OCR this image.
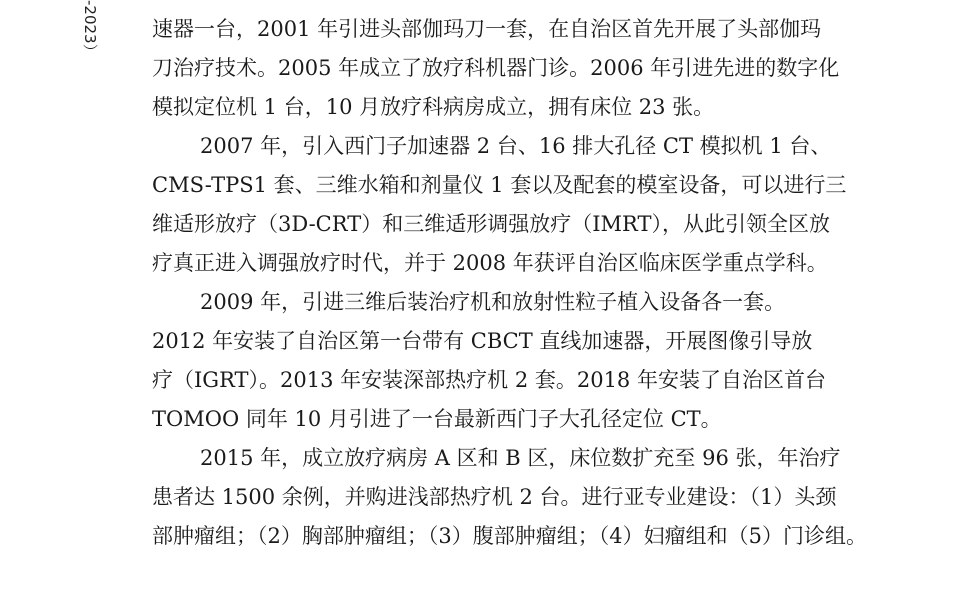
-2023）	速器一台，2001 年引进头部伽玛刀一套，在自治区首先开展了头部伽玛
刀治疗技术。2005 年成立了放疗科机器门诊。2006 年引进先进的数字化
模拟定位机 1 台，10 月放疗科病房成立，拥有床位 23 张。
2007 年，引入西门子加速器 2 台、16 排大孔径 CT 模拟机 1 台、
CMS-TPS1 套、三维水箱和剂量仪 1 套以及配套的模室设备，可以进行三
维适形放疗（3D-CRT）和三维适形调强放疗（IMRT），从此引领全区放
疗真正进入调强放疗时代，并于 2008 年获评自治区临床医学重点学科。
2009 年，引进三维后装治疗机和放射性粒子植入设备各一套。
2012 年安装了自治区第一台带有 CBCT 直线加速器，开展图像引导放
疗（IGRT）。2013 年安装深部热疗机 2 套。2018 年安装了自治区首台
TOMOO 同年 10 月引进了一台最新西门子大孔径定位 CT。
2015 年，成立放疗病房 A 区和 B 区，床位数扩充至 96 张，年治疗
患者达 1500 余例，并购进浅部热疗机 2 台。进行亚专业建设：（1）头颈
部肿瘤组；（2）胸部肿瘤组；（3）腹部肿瘤组；（4）妇瘤组和（5）门诊组。
